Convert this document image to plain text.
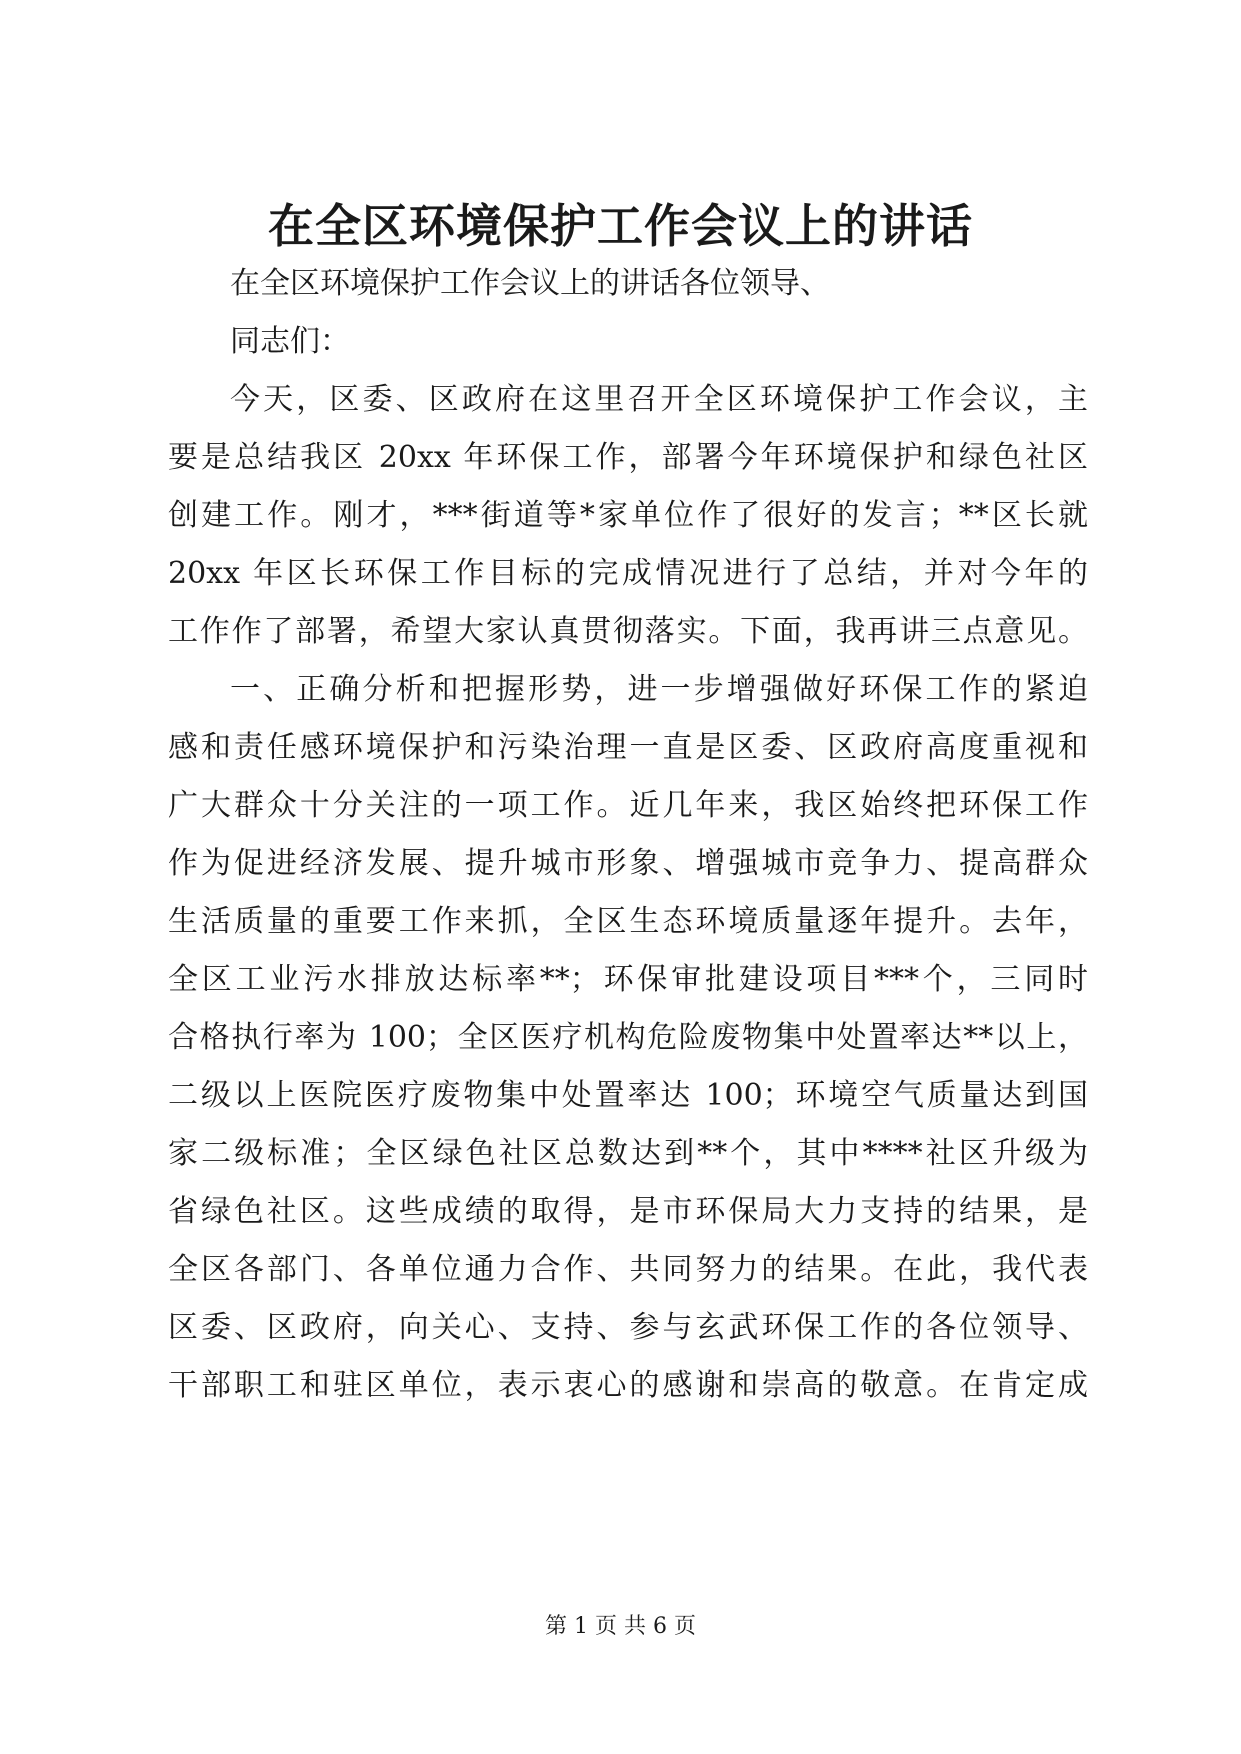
在全区环境保护工作会议上的讲话
在全区环境保护工作会议上的讲话各位领导、
同志们：
今天，区委、区政府在这里召开全区环境保护工作会议，主
要是总结我区 20xx 年环保工作，部署今年环境保护和绿色社区
创建工作。刚才，***街道等*家单位作了很好的发言；**区长就
20xx 年区长环保工作目标的完成情况进行了总结，并对今年的
工作作了部署，希望大家认真贯彻落实。下面，我再讲三点意见。
一、正确分析和把握形势，进一步增强做好环保工作的紧迫
感和责任感环境保护和污染治理一直是区委、区政府高度重视和
广大群众十分关注的一项工作。近几年来，我区始终把环保工作
作为促进经济发展、提升城市形象、增强城市竞争力、提高群众
生活质量的重要工作来抓，全区生态环境质量逐年提升。去年，
全区工业污水排放达标率**；环保审批建设项目***个，三同时
合格执行率为 100；全区医疗机构危险废物集中处置率达**以上，
二级以上医院医疗废物集中处置率达 100；环境空气质量达到国
家二级标准；全区绿色社区总数达到**个，其中****社区升级为
省绿色社区。这些成绩的取得，是市环保局大力支持的结果，是
全区各部门、各单位通力合作、共同努力的结果。在此，我代表
区委、区政府，向关心、支持、参与玄武环保工作的各位领导、
干部职工和驻区单位，表示衷心的感谢和崇高的敬意。在肯定成
第 1 页 共 6 页
